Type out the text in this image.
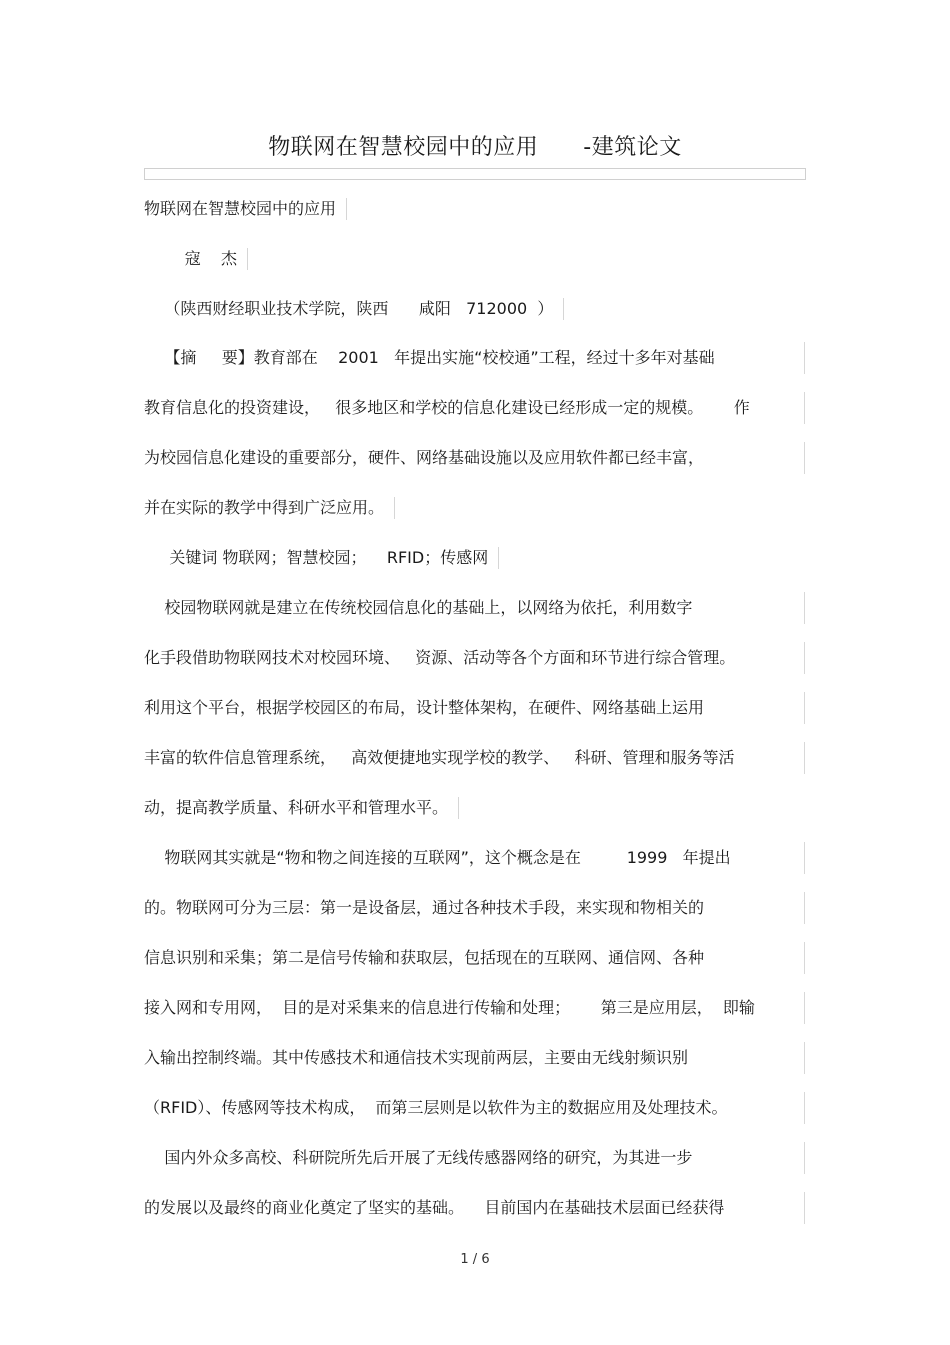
物联网在智慧校园中的应用      -建筑论文
物联网在智慧校园中的应用
寇    杰
（陕西财经职业技术学院，陕西      咸阳   712000  ）
【摘     要】教育部在    2001   年提出实施“校校通”工程，经过十多年对基础
教育信息化的投资建设，   很多地区和学校的信息化建设已经形成一定的规模。      作
为校园信息化建设的重要部分，硬件、网络基础设施以及应用软件都已经丰富，
并在实际的教学中得到广泛应用。
关键词 物联网；智慧校园；    RFID；传感网
校园物联网就是建立在传统校园信息化的基础上，以网络为依托，利用数字
化手段借助物联网技术对校园环境、   资源、活动等各个方面和环节进行综合管理。
利用这个平台，根据学校园区的布局，设计整体架构，在硬件、网络基础上运用
丰富的软件信息管理系统，   高效便捷地实现学校的教学、   科研、管理和服务等活
动，提高教学质量、科研水平和管理水平。
物联网其实就是“物和物之间连接的互联网”，这个概念是在         1999   年提出
的。物联网可分为三层：第一是设备层，通过各种技术手段，来实现和物相关的
信息识别和采集；第二是信号传输和获取层，包括现在的互联网、通信网、各种
接入网和专用网，  目的是对采集来的信息进行传输和处理；      第三是应用层，  即输
入输出控制终端。其中传感技术和通信技术实现前两层，主要由无线射频识别
（RFID）、传感网等技术构成，  而第三层则是以软件为主的数据应用及处理技术。
国内外众多高校、科研院所先后开展了无线传感器网络的研究，为其进一步
的发展以及最终的商业化奠定了坚实的基础。    目前国内在基础技术层面已经获得
1 / 6
